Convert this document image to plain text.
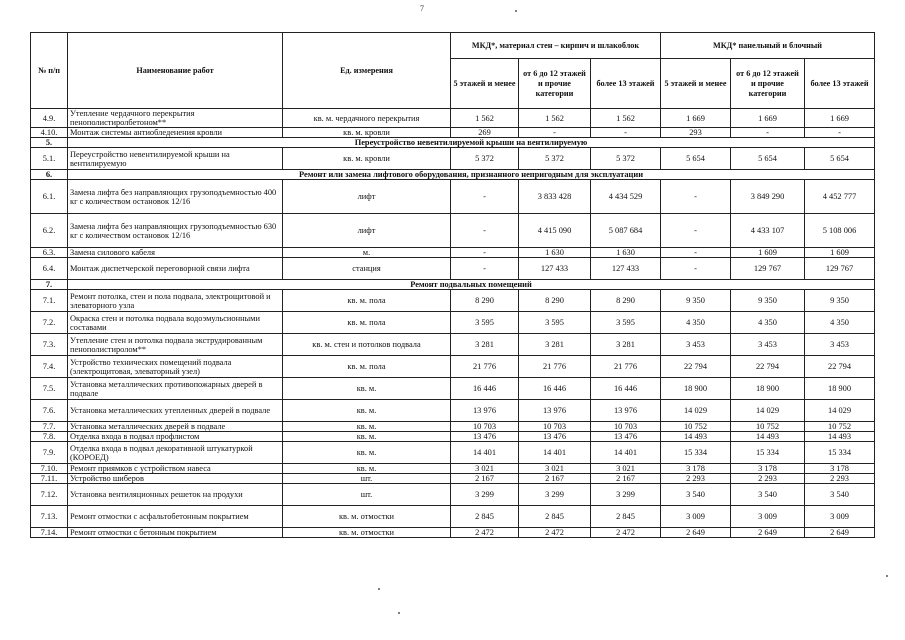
7
№ п/п	Наименование работ	Ед. измерения	МКД*, материал стен – кирпич и шлакоблок			МКД* панельный и блочный		
			5 этажей и менее	от 6 до 12 этажей и прочие категории	более 13 этажей	5 этажей и менее	от 6 до 12 этажей и прочие категории	более 13 этажей
4.9.	Утепление чердачного перекрытия пенополистиролбетоном**	кв. м. чердачного перекрытия	1 562	1 562	1 562	1 669	1 669	1 669
4.10.	Монтаж системы антиобледенения кровли	кв. м. кровли	269	-	-	293	-	-
5.	Переустройство невентилируемой крыши на вентилируемую							
5.1.	Переустройство невентилируемой крыши на вентилируемую	кв. м. кровли	5 372	5 372	5 372	5 654	5 654	5 654
6.	Ремонт или замена лифтового оборудования, признанного непригодным для эксплуатации							
6.1.	Замена лифта без направляющих грузоподъемностью 400 кг с количеством остановок 12/16	лифт	-	3 833 428	4 434 529	-	3 849 290	4 452 777
6.2.	Замена лифта без направляющих грузоподъемностью 630 кг с количеством остановок 12/16	лифт	-	4 415 090	5 087 684	-	4 433 107	5 108 006
6.3.	Замена силового кабеля	м.	-	1 630	1 630	-	1 609	1 609
6.4.	Монтаж диспетчерской переговорной связи лифта	станция	-	127 433	127 433	-	129 767	129 767
7.	Ремонт подвальных помещений							
7.1.	Ремонт потолка, стен и пола подвала, электрощитовой и элеваторного узла	кв. м. пола	8 290	8 290	8 290	9 350	9 350	9 350
7.2.	Окраска стен и потолка подвала водоэмульсионными составами	кв. м. пола	3 595	3 595	3 595	4 350	4 350	4 350
7.3.	Утепление стен и потолка подвала экструдированным пенополистиролом**	кв. м. стен и потолков подвала	3 281	3 281	3 281	3 453	3 453	3 453
7.4.	Устройство технических помещений подвала (электрощитовая, элеваторный узел)	кв. м. пола	21 776	21 776	21 776	22 794	22 794	22 794
7.5.	Установка металлических противопожарных дверей в подвале	кв. м.	16 446	16 446	16 446	18 900	18 900	18 900
7.6.	Установка металлических утепленных дверей в подвале	кв. м.	13 976	13 976	13 976	14 029	14 029	14 029
7.7.	Установка металлических дверей в подвале	кв. м.	10 703	10 703	10 703	10 752	10 752	10 752
7.8.	Отделка входа в подвал профлистом	кв. м.	13 476	13 476	13 476	14 493	14 493	14 493
7.9.	Отделка входа в подвал декоративной штукатуркой (КОРОЕД)	кв. м.	14 401	14 401	14 401	15 334	15 334	15 334
7.10.	Ремонт приямков с устройством навеса	кв. м.	3 021	3 021	3 021	3 178	3 178	3 178
7.11.	Устройство шиберов	шт.	2 167	2 167	2 167	2 293	2 293	2 293
7.12.	Установка вентиляционных решеток на продухи	шт.	3 299	3 299	3 299	3 540	3 540	3 540
7.13.	Ремонт отмостки с асфальтобетонным покрытием	кв. м. отмостки	2 845	2 845	2 845	3 009	3 009	3 009
7.14.	Ремонт отмостки с бетонным покрытием	кв. м. отмостки	2 472	2 472	2 472	2 649	2 649	2 649
